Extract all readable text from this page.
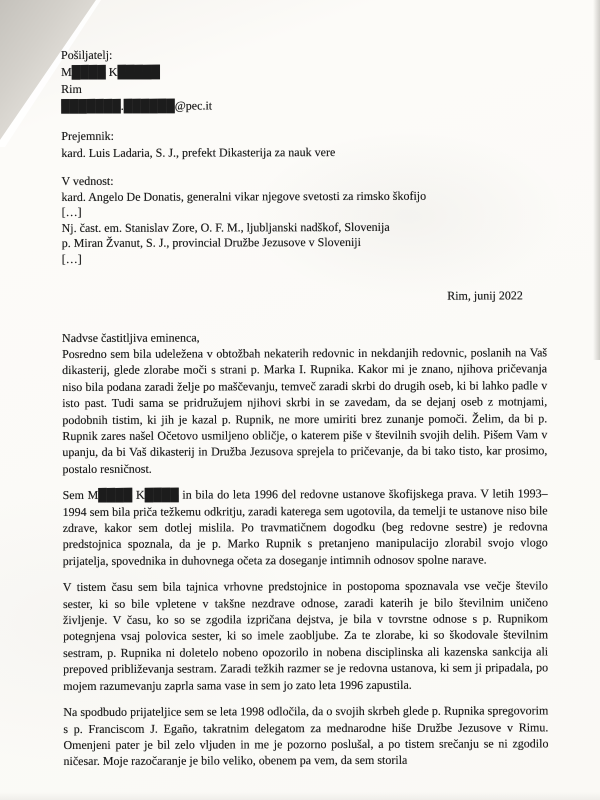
Pošiljatelj:
M████ K█████
Rim
███████.██████@pec.it
Prejemnik:
kard. Luis Ladaria, S. J., prefekt Dikasterija za nauk vere
V vednost:
kard. Angelo De Donatis, generalni vikar njegove svetosti za rimsko škofijo
[…]
Nj. čast. em. Stanislav Zore, O. F. M., ljubljanski nadškof, Slovenija
p. Miran Žvanut, S. J., provincial Družbe Jezusove v Sloveniji
[…]
Rim, junij 2022
Nadvse častitljiva eminenca,

Posredno sem bila udeležena v obtožbah nekaterih redovnic in nekdanjih redovnic, poslanih na Vaš dikasterij, glede zlorabe moči s strani p. Marka I. Rupnika. Kakor mi je znano, njihova pričevanja niso bila podana zaradi želje po maščevanju, temveč zaradi skrbi do drugih oseb, ki bi lahko padle v isto past. Tudi sama se pridružujem njihovi skrbi in se zavedam, da se dejanj oseb z motnjami, podobnih tistim, ki jih je kazal p. Rupnik, ne more umiriti brez zunanje pomoči. Želim, da bi p. Rupnik zares našel Očetovo usmiljeno obličje, o katerem piše v številnih svojih delih. Pišem Vam v upanju, da bi Vaš dikasterij in Družba Jezusova sprejela to pričevanje, da bi tako tisto, kar prosimo, postalo resničnost.

Sem M████ K████ in bila do leta 1996 del redovne ustanove škofijskega prava. V letih 1993–1994 sem bila priča težkemu odkritju, zaradi katerega sem ugotovila, da temelji te ustanove niso bile zdrave, kakor sem dotlej mislila. Po travmatičnem dogodku (beg redovne sestre) je redovna predstojnica spoznala, da je p. Marko Rupnik s pretanjeno manipulacijo zlorabil svojo vlogo prijatelja, spovednika in duhovnega očeta za doseganje intimnih odnosov spolne narave.

V tistem času sem bila tajnica vrhovne predstojnice in postopoma spoznavala vse večje število sester, ki so bile vpletene v takšne nezdrave odnose, zaradi katerih je bilo številnim uničeno življenje. V času, ko so se zgodila izpričana dejstva, je bila v tovrstne odnose s p. Rupnikom potegnjena vsaj polovica sester, ki so imele zaobljube. Za te zlorabe, ki so škodovale številnim sestram, p. Rupnika ni doletelo nobeno opozorilo in nobena disciplinska ali kazenska sankcija ali prepoved približevanja sestram. Zaradi težkih razmer se je redovna ustanova, ki sem ji pripadala, po mojem razumevanju zaprla sama vase in sem jo zato leta 1996 zapustila.

Na spodbudo prijateljice sem se leta 1998 odločila, da o svojih skrbeh glede p. Rupnika spregovorim s p. Franciscom J. Egaño, takratnim delegatom za mednarodne hiše Družbe Jezusove v Rimu. Omenjeni pater je bil zelo vljuden in me je pozorno poslušal, a po tistem srečanju se ni zgodilo ničesar. Moje razočaranje je bilo veliko, obenem pa vem, da sem storila
